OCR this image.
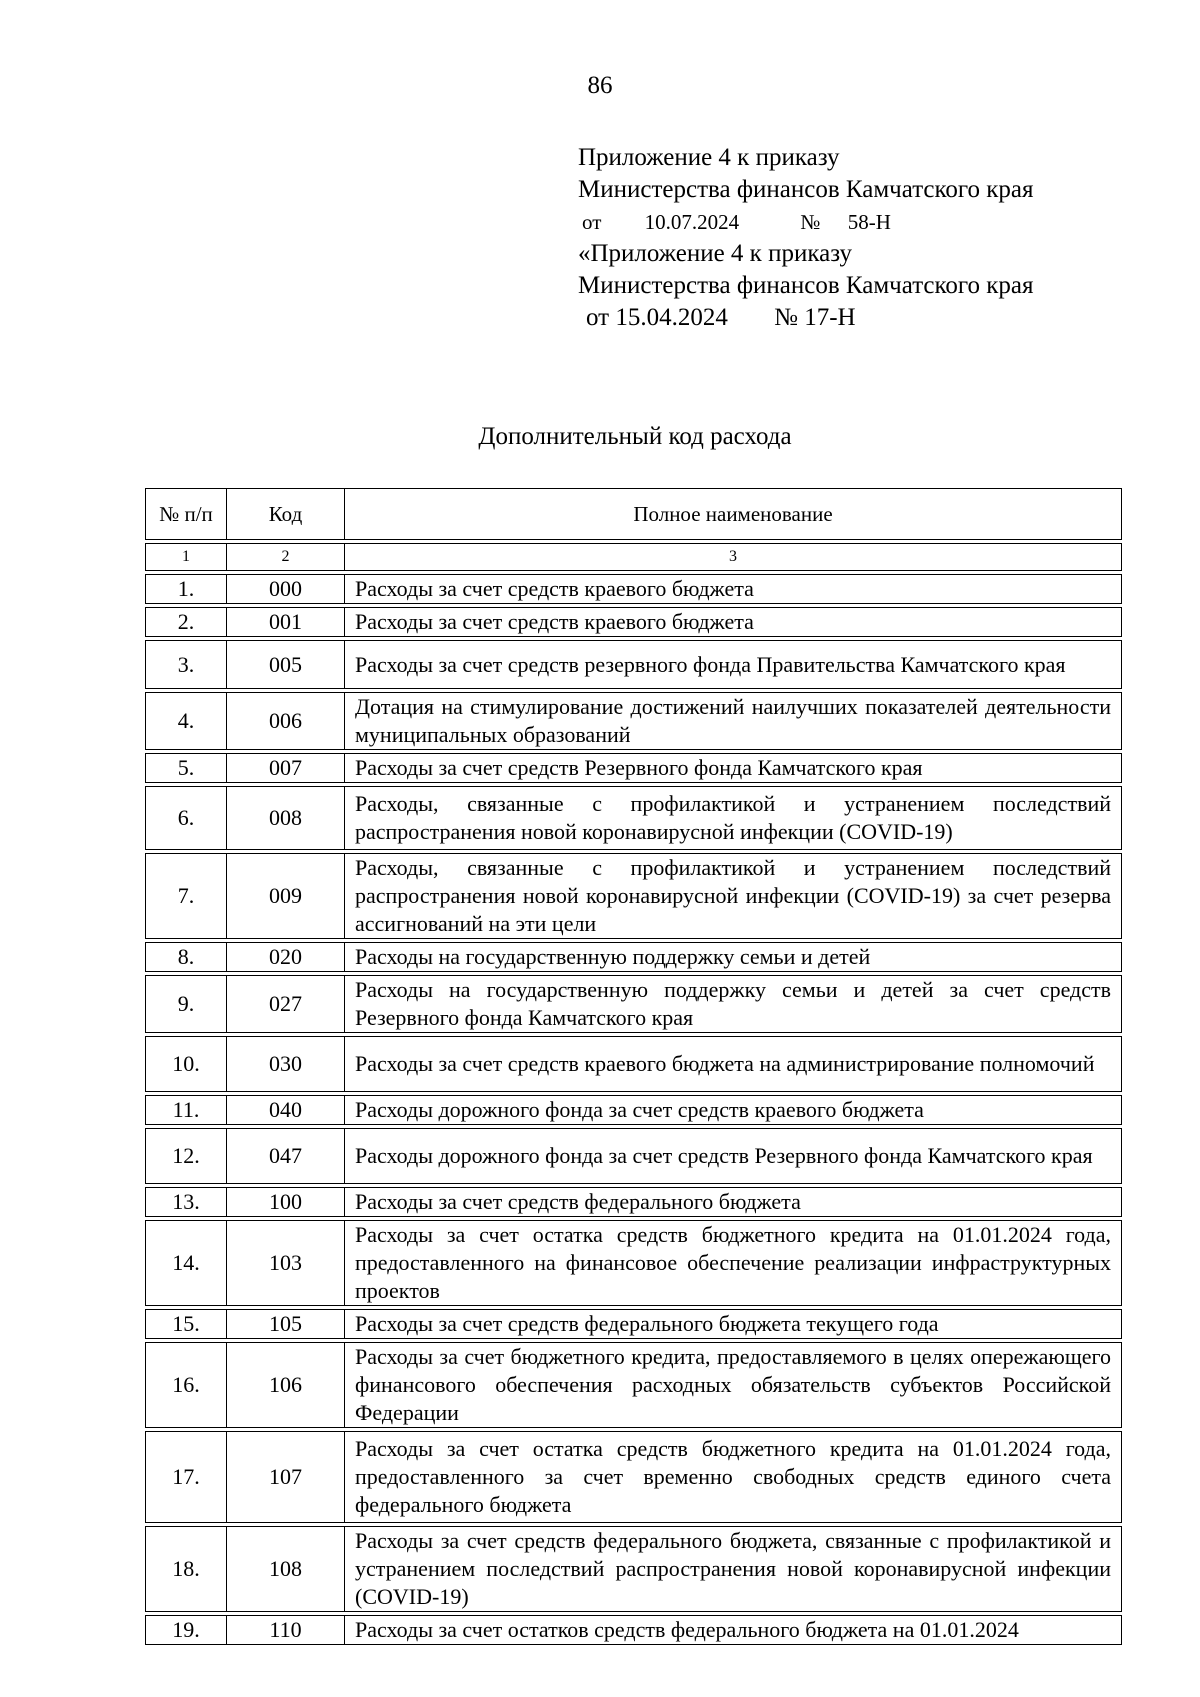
86
Приложение 4 к приказу
Министерства финансов Камчатского края
от 10.07.2024	№ 58-Н
«Приложение 4 к приказу
Министерства финансов Камчатского края
от 15.04.2024 № 17-Н
Дополнительный код расхода
№ п/п	Код	Полное наименование
1	2	3
1.	000	Расходы за счет средств краевого бюджета
2.	001	Расходы за счет средств краевого бюджета
3.	005	Расходы за счет средств резервного фонда Правительства Камчатского края
4.	006	Дотация на стимулирование достижений наилучших показателей деятельности муниципальных образований
5.	007	Расходы за счет средств Резервного фонда Камчатского края
6.	008	Расходы, связанные с профилактикой и устранением последствий распространения новой коронавирусной инфекции (COVID-19)
7.	009	Расходы, связанные с профилактикой и устранением последствий распространения новой коронавирусной инфекции (COVID-19) за счет резерва ассигнований на эти цели
8.	020	Расходы на государственную поддержку семьи и детей
9.	027	Расходы на государственную поддержку семьи и детей за счет средств Резервного фонда Камчатского края
10.	030	Расходы за счет средств краевого бюджета на администрирование полномочий
11.	040	Расходы дорожного фонда за счет средств краевого бюджета
12.	047	Расходы дорожного фонда за счет средств Резервного фонда Камчатского края
13.	100	Расходы за счет средств федерального бюджета
14.	103	Расходы за счет остатка средств бюджетного кредита на 01.01.2024 года, предоставленного на финансовое обеспечение реализации инфраструктурных проектов
15.	105	Расходы за счет средств федерального бюджета текущего года
16.	106	Расходы за счет бюджетного кредита, предоставляемого в целях опережающего финансового обеспечения расходных обязательств субъектов Российской Федерации
17.	107	Расходы за счет остатка средств бюджетного кредита на 01.01.2024 года, предоставленного за счет временно свободных средств единого счета федерального бюджета
18.	108	Расходы за счет средств федерального бюджета, связанные с профилактикой и устранением последствий распространения новой коронавирусной инфекции (COVID-19)
19.	110	Расходы за счет остатков средств федерального бюджета на 01.01.2024
